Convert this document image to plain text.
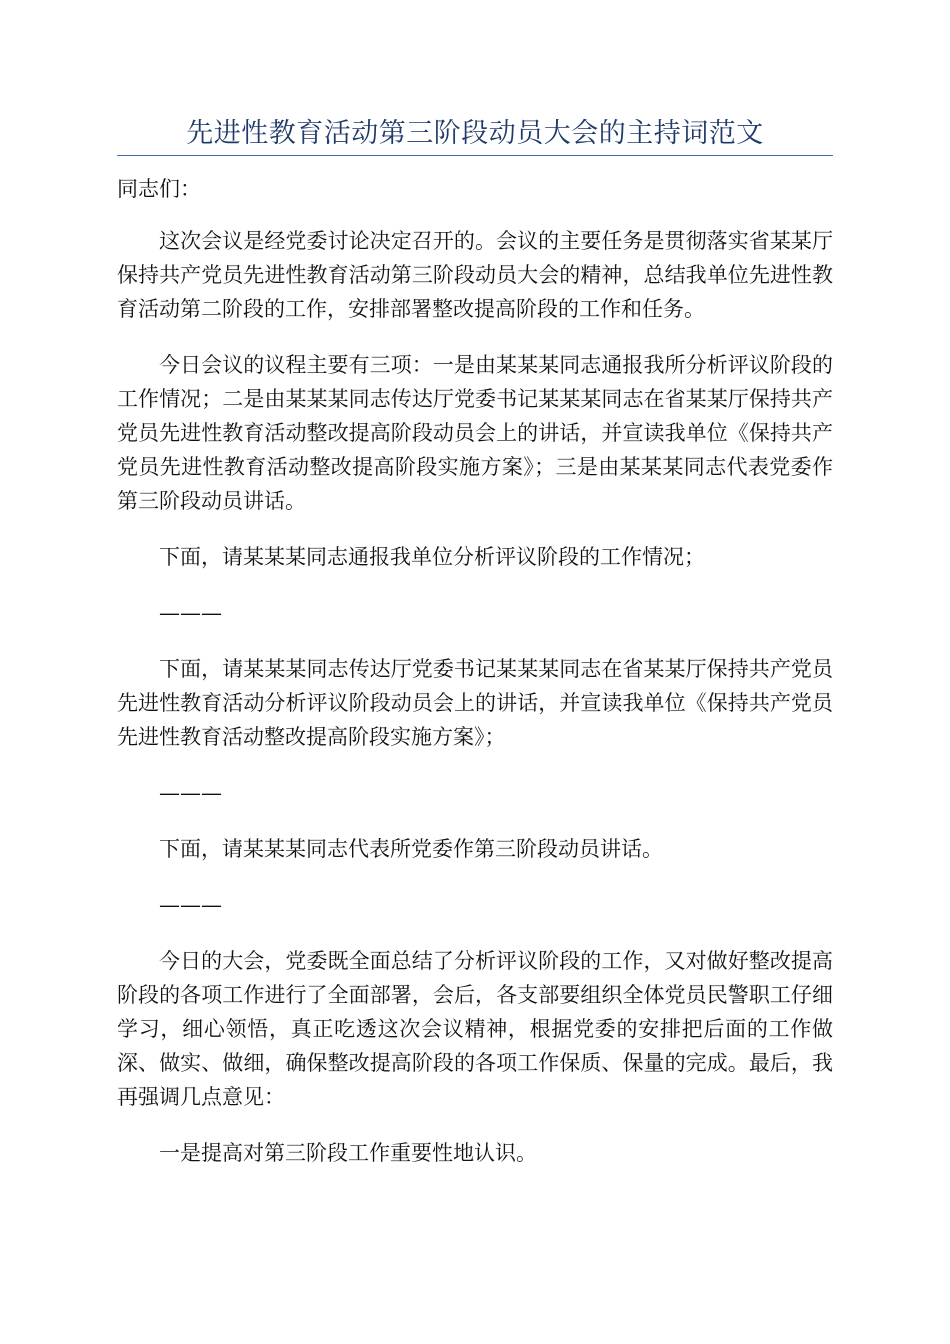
先进性教育活动第三阶段动员大会的主持词范文

同志们：

这次会议是经党委讨论决定召开的。会议的主要任务是贯彻落实省某某厅保持共产党员先进性教育活动第三阶段动员大会的精神，总结我单位先进性教育活动第二阶段的工作，安排部署整改提高阶段的工作和任务。

今日会议的议程主要有三项：一是由某某某同志通报我所分析评议阶段的工作情况；二是由某某某同志传达厅党委书记某某某同志在省某某厅保持共产党员先进性教育活动整改提高阶段动员会上的讲话，并宣读我单位《保持共产党员先进性教育活动整改提高阶段实施方案》；三是由某某某同志代表党委作第三阶段动员讲话。

下面，请某某某同志通报我单位分析评议阶段的工作情况；

———

下面，请某某某同志传达厅党委书记某某某同志在省某某厅保持共产党员先进性教育活动分析评议阶段动员会上的讲话，并宣读我单位《保持共产党员先进性教育活动整改提高阶段实施方案》；

———

下面，请某某某同志代表所党委作第三阶段动员讲话。

———

今日的大会，党委既全面总结了分析评议阶段的工作，又对做好整改提高阶段的各项工作进行了全面部署，会后，各支部要组织全体党员民警职工仔细学习，细心领悟，真正吃透这次会议精神，根据党委的安排把后面的工作做深、做实、做细，确保整改提高阶段的各项工作保质、保量的完成。最后，我再强调几点意见：

一是提高对第三阶段工作重要性地认识。
